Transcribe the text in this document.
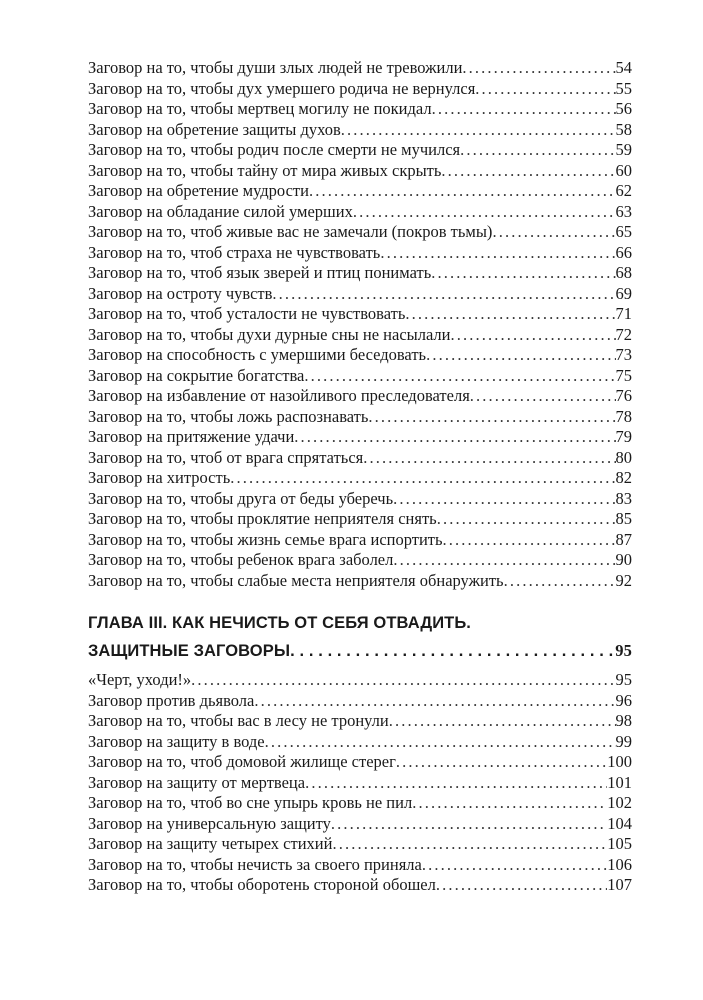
Заговор на то, чтобы души злых людей не тревожили . . .	54
Заговор на то, чтобы дух умершего родича не вернулся . . .	55
Заговор на то, чтобы мертвец могилу не покидал . . .	56
Заговор на обретение защиты духов . . .	58
Заговор на то, чтобы родич после смерти не мучился . . .	59
Заговор на то, чтобы тайну от мира живых скрыть . . .	60
Заговор на обретение мудрости . . .	62
Заговор на обладание силой умерших . . .	63
Заговор на то, чтоб живые вас не замечали (покров тьмы) . . .	65
Заговор на то, чтоб страха не чувствовать . . .	66
Заговор на то, чтоб язык зверей и птиц понимать . . .	68
Заговор на остроту чувств . . .	69
Заговор на то, чтоб усталости не чувствовать . . .	71
Заговор на то, чтобы духи дурные сны не насылали . . .	72
Заговор на способность с умершими беседовать . . .	73
Заговор на сокрытие богатства . . .	75
Заговор на избавление от назойливого преследователя . . .	76
Заговор на то, чтобы ложь распознавать . . .	78
Заговор на притяжение удачи . . .	79
Заговор на то, чтоб от врага спрятаться . . .	80
Заговор на хитрость . . .	82
Заговор на то, чтобы друга от беды уберечь . . .	83
Заговор на то, чтобы проклятие неприятеля снять . . .	85
Заговор на то, чтобы жизнь семье врага испортить . . .	87
Заговор на то, чтобы ребенок врага заболел . . .	90
Заговор на то, чтобы слабые места неприятеля обнаружить . . .	92
ГЛАВА III. КАК НЕЧИСТЬ ОТ СЕБЯ ОТВАДИТЬ.
ЗАЩИТНЫЕ ЗАГОВОРЫ . . .	95
«Черт, уходи!» . . .	95
Заговор против дьявола . . .	96
Заговор на то, чтобы вас в лесу не тронули . . .	98
Заговор на защиту в воде . . .	99
Заговор на то, чтоб домовой жилище стерег . . .	100
Заговор на защиту от мертвеца . . .	101
Заговор на то, чтоб во сне упырь кровь не пил . . .	102
Заговор на универсальную защиту . . .	104
Заговор на защиту четырех стихий . . .	105
Заговор на то, чтобы нечисть за своего приняла . . .	106
Заговор на то, чтобы оборотень стороной обошел . . .	107
